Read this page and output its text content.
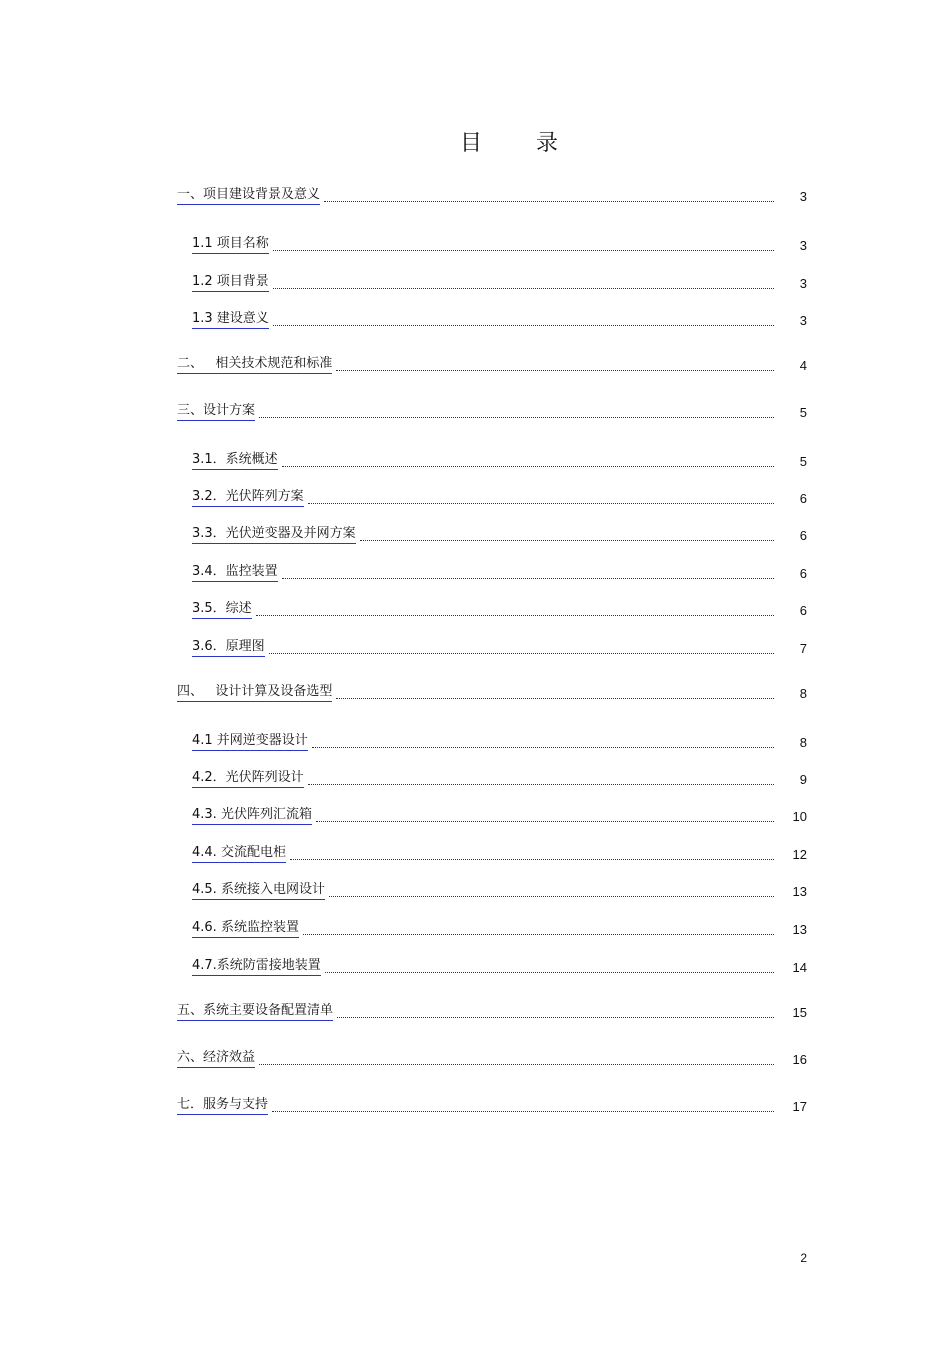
目 录
一、项目建设背景及意义	3
1.1 项目名称	3
1.2 项目背景	3
1.3 建设意义	3
二、   相关技术规范和标准	4
三、设计方案	5
3.1．系统概述	5
3.2．光伏阵列方案	6
3.3．光伏逆变器及并网方案	6
3.4．监控装置	6
3.5．综述	6
3.6．原理图	7
四、   设计计算及设备选型	8
4.1 并网逆变器设计	8
4.2．光伏阵列设计	9
4.3. 光伏阵列汇流箱	10
4.4. 交流配电柜	12
4.5. 系统接入电网设计	13
4.6. 系统监控装置	13
4.7.系统防雷接地装置	14
五、系统主要设备配置清单	15
六、经济效益	16
七．服务与支持	17
2
